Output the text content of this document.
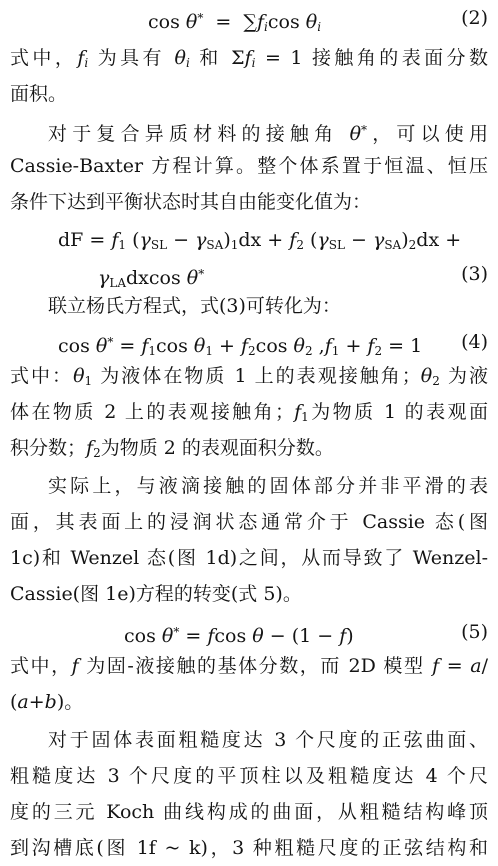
$\cos \theta^* = \sum f_i\cos$ $\theta_i$	(2)
式中，$f_i$ 为具有 $\theta_i$ 和 $\Sigma f_i = 1$ 接触角的表面分数
面积。
对于复合异质材料的接触角 θ*，可以使用
Cassie-Baxter 方程计算。整个体系置于恒温、恒压
条件下达到平衡状态时其自由能变化值为：
dF = $f_1$ $(\gamma_{SL} - \gamma_{SA})_1dx + f_2$ $(\gamma_{SL} - \gamma_{SA})_2dx$ +
$\gamma_{LA}dxcos$ θ*	(3)
联立杨氏方程式，式(3)可转化为：
$\cos \theta^* = f_1\cos$ $\theta_1 + f_2\cos$ $\theta_2$ $,f_1 + f_2 = 1$ (4)
式中：$\theta_1$ 为液体在物质 1 上的表观接触角；$\theta_2$ 为液
体在物质 2 上的表观接触角；$f_1$为物质 1 的表观面
积分数；$f_2$为物质 2 的表观面积分数。
实际上，与液滴接触的固体部分并非平滑的表
面，其表面上的浸润状态通常介于 Cassie 态(图
1c)和 Wenzel 态(图 1d)之间，从而导致了 Wenzel-
Cassie(图 1e)方程的转变(式 5)。
cos θ* = fcos θ − (1 − f)	(5)
式中，f 为固-液接触的基体分数，而 2D 模型 f = a/
(a+b)。
对于固体表面粗糙度达 3 个尺度的正弦曲面、
粗糙度达 3 个尺度的平顶柱以及粗糙度达 4 个尺
度的三元 Koch 曲线构成的曲面，从粗糙结构峰顶
到沟槽底(图 1f ~ k)，3 种粗糙尺度的正弦结构和
